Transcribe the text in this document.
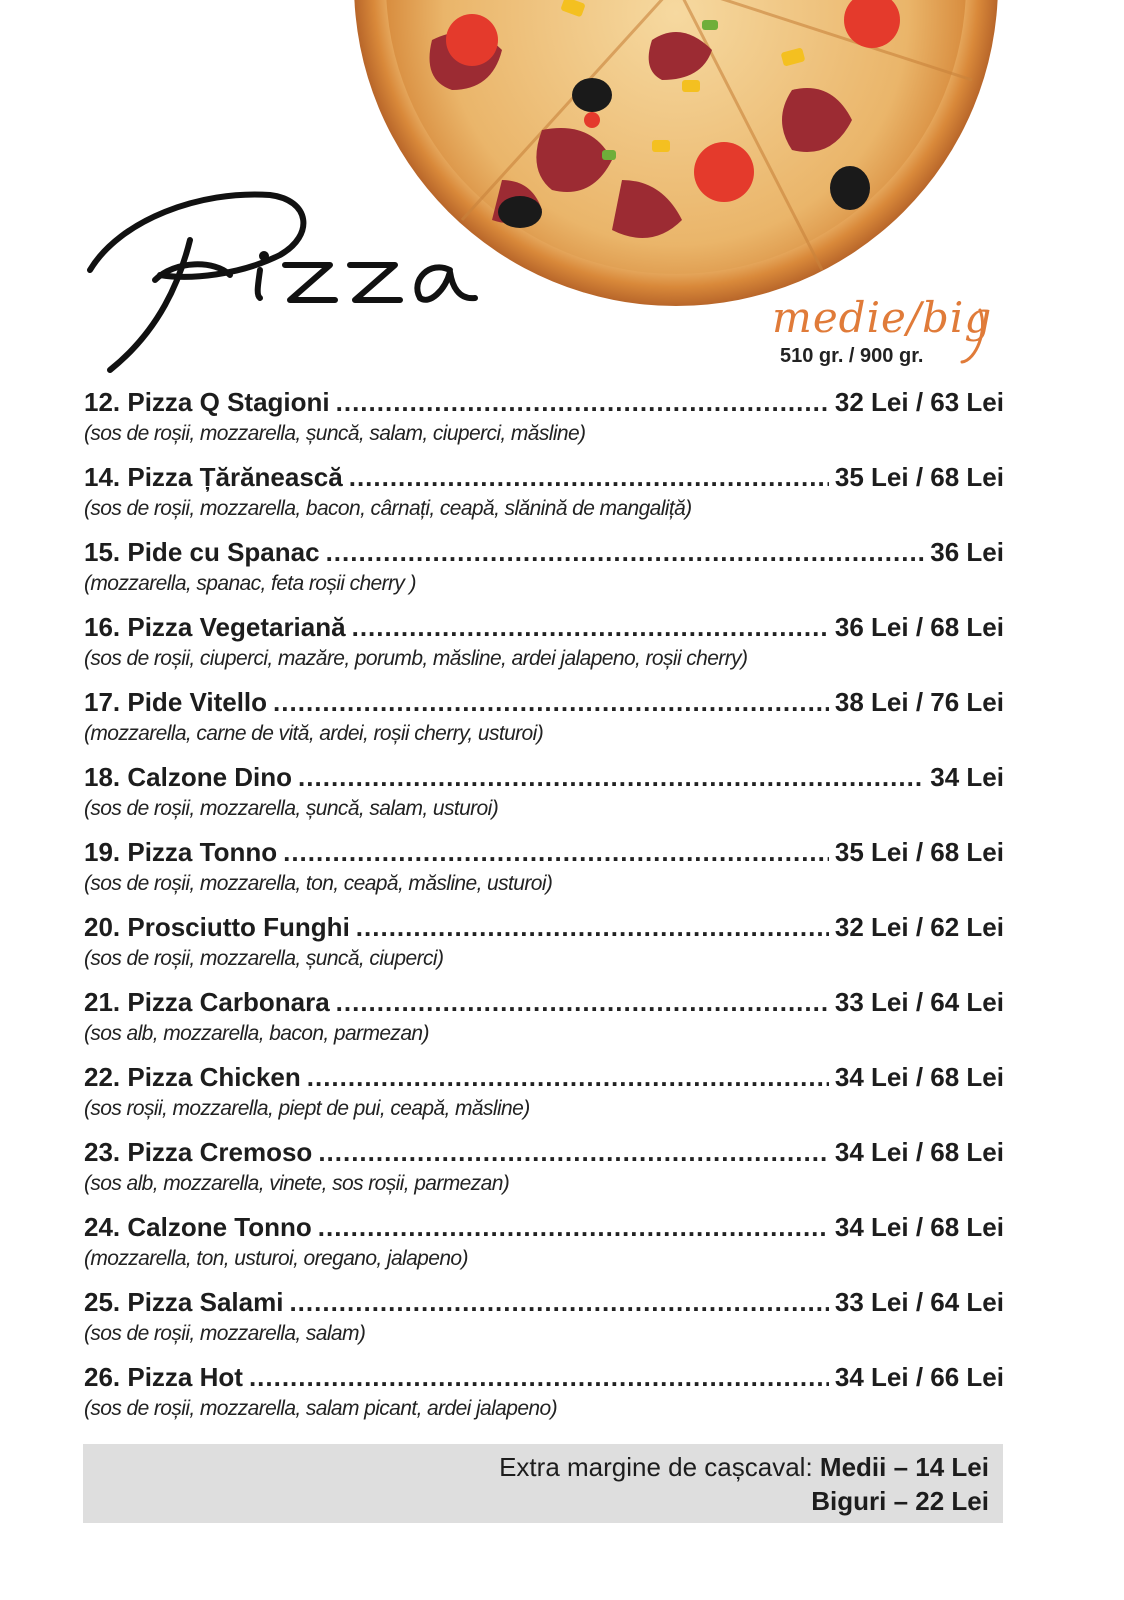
medie/big
510 gr. / 900 gr.
12. Pizza Q Stagioni .....	32 Lei / 63 Lei
(sos de roșii, mozzarella, șuncă, salam, ciuperci, măsline)
14. Pizza Țărănească .....	35 Lei / 68 Lei
(sos de roșii, mozzarella, bacon, cârnați, ceapă, slănină de mangaliță)
15. Pide cu Spanac .....	36 Lei
(mozzarella, spanac, feta roșii cherry )
16. Pizza Vegetariană .....	36 Lei / 68 Lei
(sos de roșii, ciuperci, mazăre, porumb, măsline, ardei jalapeno, roșii cherry)
17. Pide Vitello .....	38 Lei / 76 Lei
(mozzarella, carne de vită, ardei, roșii cherry, usturoi)
18. Calzone Dino .....	34 Lei
(sos de roșii, mozzarella, șuncă, salam, usturoi)
19. Pizza Tonno .....	35 Lei / 68 Lei
(sos de roșii, mozzarella, ton, ceapă, măsline, usturoi)
20. Prosciutto Funghi .....	32 Lei / 62 Lei
(sos de roșii, mozzarella, șuncă, ciuperci)
21. Pizza Carbonara .....	33 Lei / 64 Lei
(sos alb, mozzarella, bacon, parmezan)
22. Pizza Chicken .....	34 Lei / 68 Lei
(sos roșii, mozzarella, piept de pui, ceapă, măsline)
23. Pizza Cremoso .....	34 Lei / 68 Lei
(sos alb, mozzarella, vinete, sos roșii, parmezan)
24. Calzone Tonno .....	34 Lei / 68 Lei
(mozzarella, ton, usturoi, oregano, jalapeno)
25. Pizza Salami .....	33 Lei / 64 Lei
(sos de roșii, mozzarella, salam)
26. Pizza Hot .....	34 Lei / 66 Lei
(sos de roșii, mozzarella, salam picant, ardei jalapeno)
Extra margine de cașcaval: Medii – 14 Lei
Biguri – 22 Lei
